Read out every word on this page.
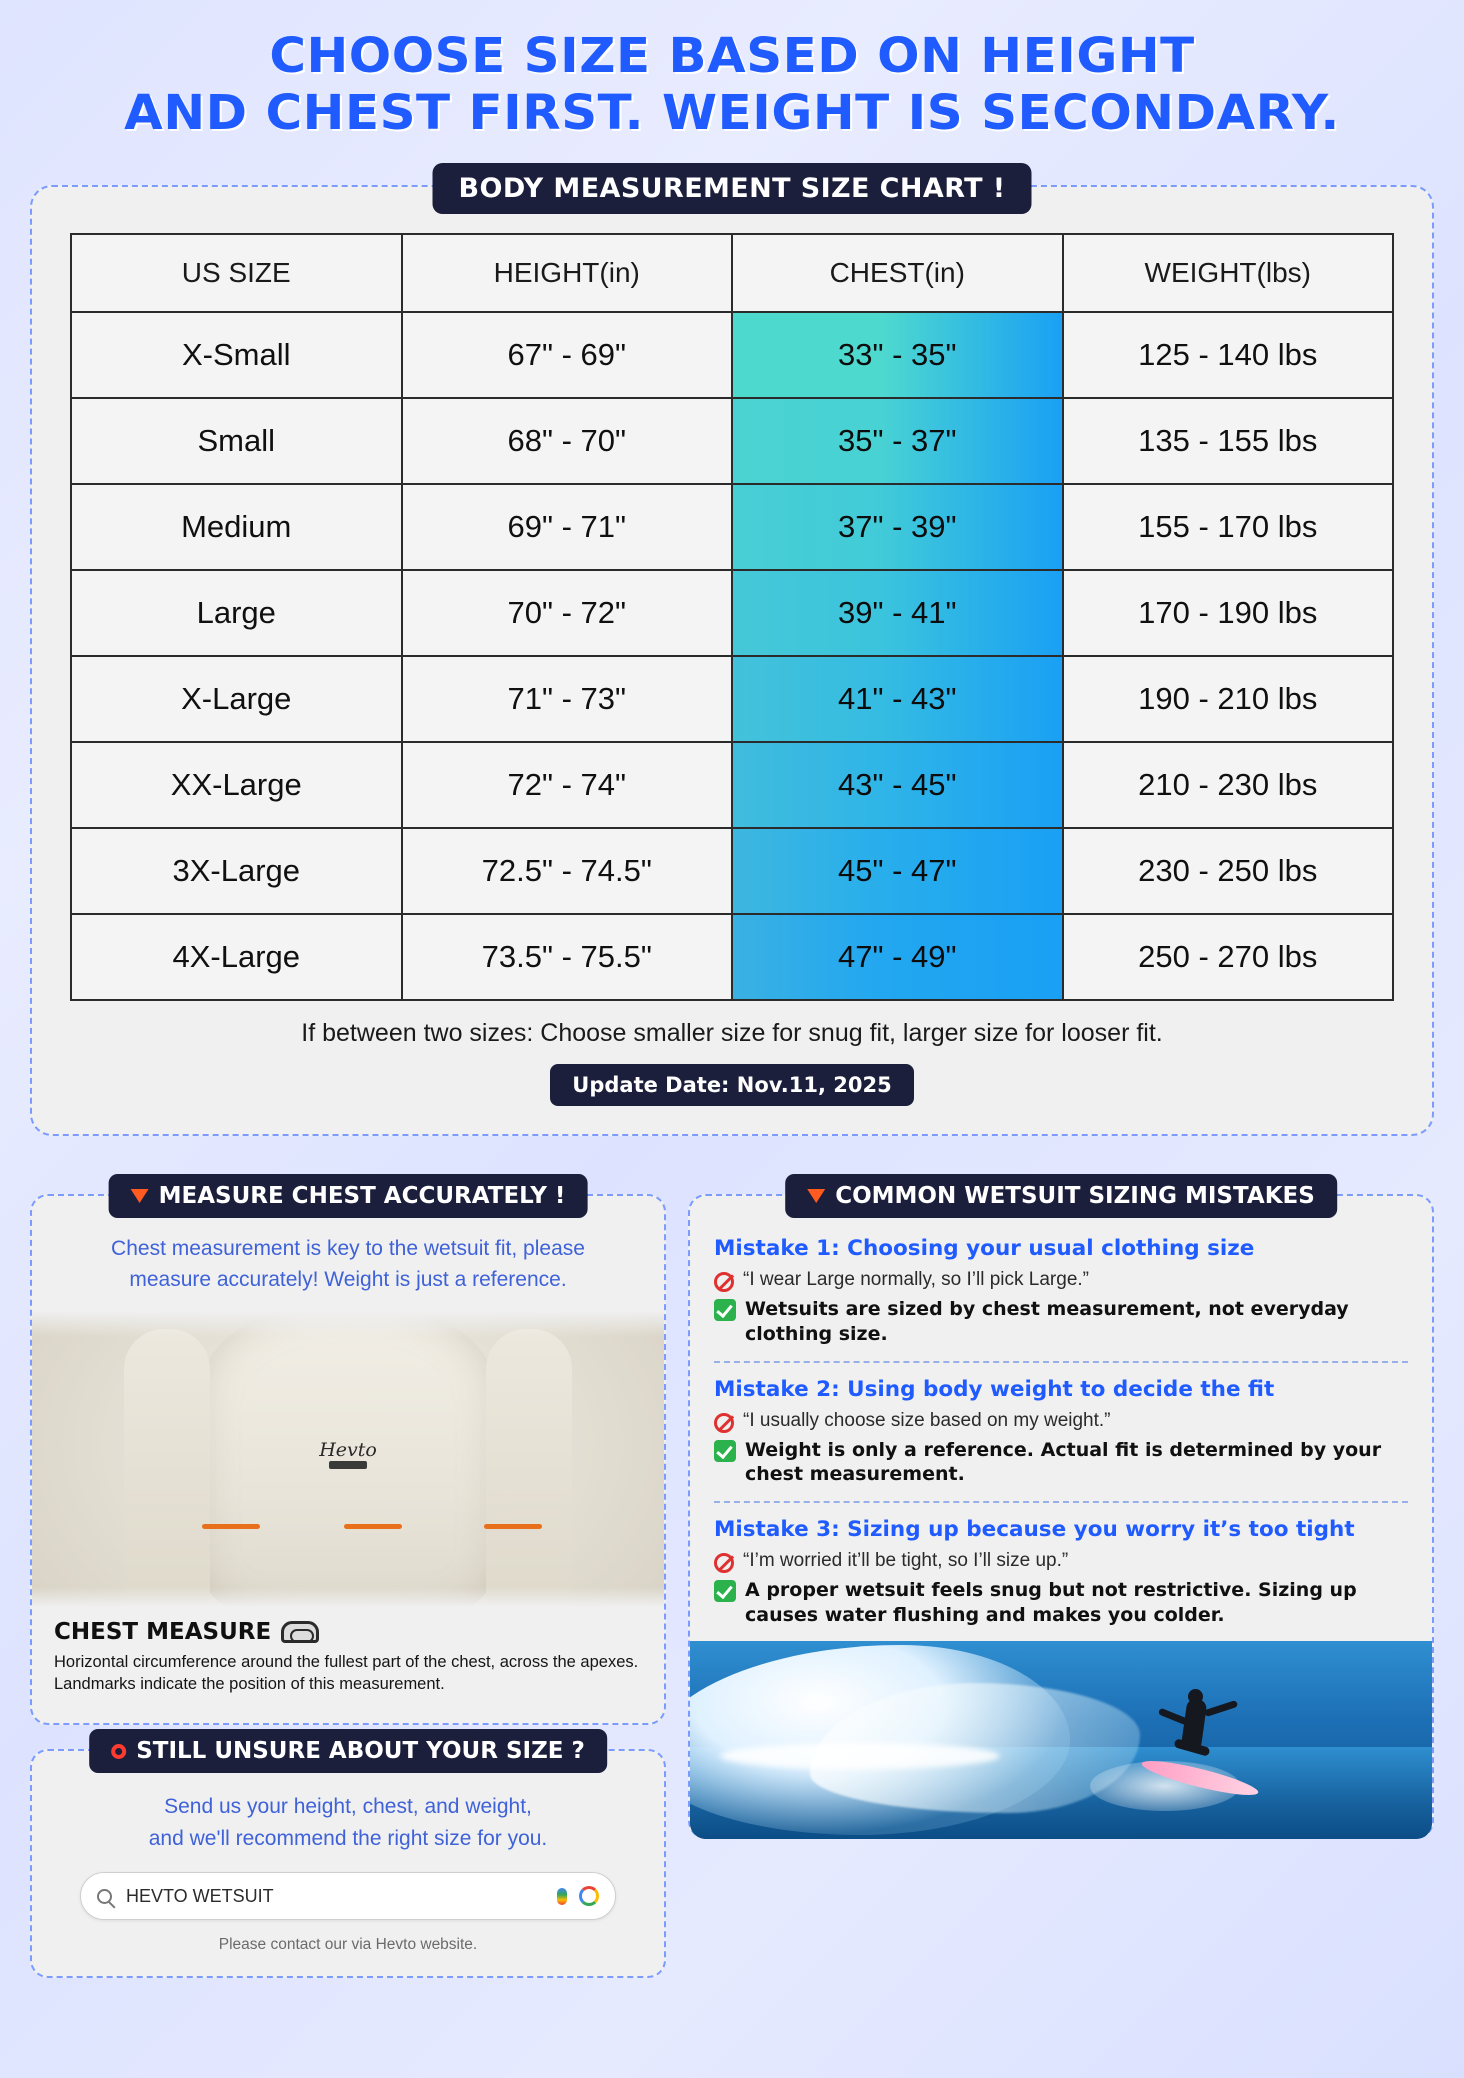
CHOOSE SIZE BASED ON HEIGHT
AND CHEST FIRST. WEIGHT IS SECONDARY.
BODY MEASUREMENT SIZE CHART !
US SIZE	HEIGHT(in)	CHEST(in)	WEIGHT(lbs)
X-Small	67" - 69"	33" - 35"	125 - 140 lbs
Small	68" - 70"	35" - 37"	135 - 155 lbs
Medium	69" - 71"	37" - 39"	155 - 170 lbs
Large	70" - 72"	39" - 41"	170 - 190 lbs
X-Large	71" - 73"	41" - 43"	190 - 210 lbs
XX-Large	72" - 74"	43" - 45"	210 - 230 lbs
3X-Large	72.5" - 74.5"	45" - 47"	230 - 250 lbs
4X-Large	73.5" - 75.5"	47" - 49"	250 - 270 lbs
If between two sizes: Choose smaller size for snug fit, larger size for looser fit.
Update Date: Nov.11, 2025
MEASURE CHEST ACCURATELY !
Chest measurement is key to the wetsuit fit, please
measure accurately! Weight is just a reference.
Hevto
CHEST MEASURE
Horizontal circumference around the fullest part of the chest, across the apexes. Landmarks indicate the position of this measurement.
STILL UNSURE ABOUT YOUR SIZE ?
Send us your height, chest, and weight,
and we'll recommend the right size for you.
HEVTO WETSUIT
Please contact our via Hevto website.
COMMON WETSUIT SIZING MISTAKES
Mistake 1: Choosing your usual clothing size
“I wear Large normally, so I’ll pick Large.”
Wetsuits are sized by chest measurement, not everyday clothing size.
Mistake 2: Using body weight to decide the fit
“I usually choose size based on my weight.”
Weight is only a reference. Actual fit is determined by your chest measurement.
Mistake 3: Sizing up because you worry it’s too tight
“I’m worried it’ll be tight, so I’ll size up.”
A proper wetsuit feels snug but not restrictive. Sizing up causes water flushing and makes you colder.
